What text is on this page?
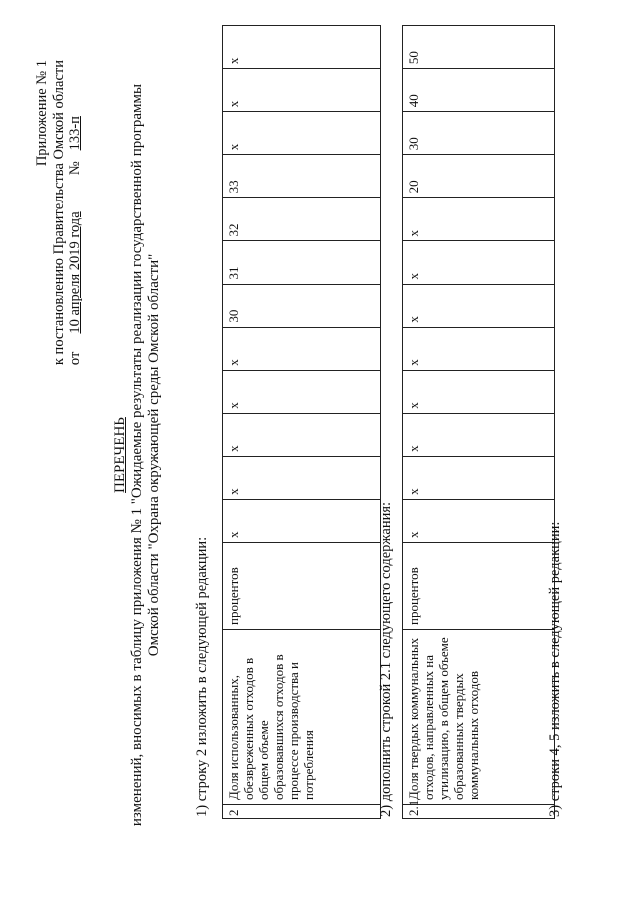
Приложение № 1 к постановлению Правительства Омской области от     10 апреля 2019 года          №   133-п
ПЕРЕЧЕНЬ изменений, вносимых в таблицу приложения № 1 "Ожидаемые результаты реализации государственной программы Омской области "Охрана окружающей среды Омской области"
1) строку 2 изложить в следующей редакции: 2	Доля использованных, обезвреженных отходов в общем объеме образовавшихся отходов в процессе производства и потребления	процентов	х	х	х	х	х	30	31	32	33	х	х	х
2) дополнить строкой 2.1 следующего содержания: 2.1	Доля твердых коммунальных отходов, направленных на утилизацию, в общем объеме образованных твердых коммунальных отходов	процентов	х	х	х	х	х	х	х	х	20	30	40	50
3) строки 4, 5 изложить в следующей редакции:
